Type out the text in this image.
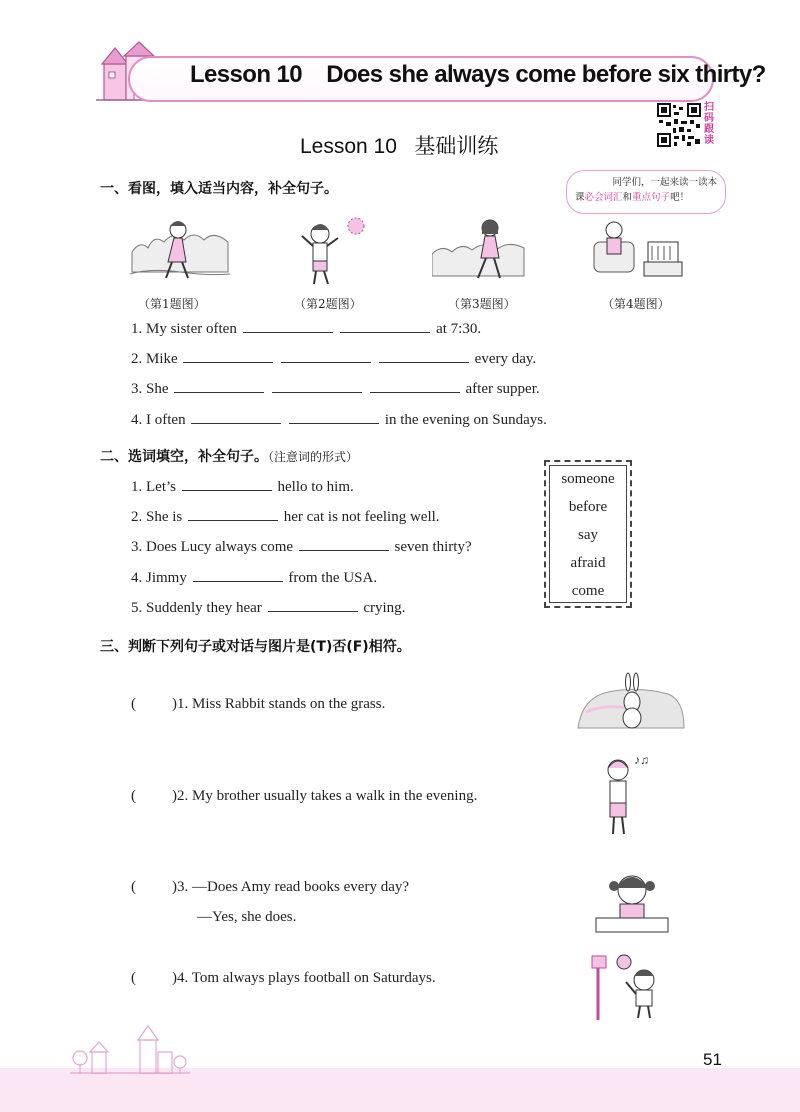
Lesson 10    Does she always come before six thirty?
扫
码
跟
读
Lesson 10   基础训练
一、看图，填入适当内容，补全句子。	同学们，一起来读一读本
课必会词汇和重点句子吧！
（第1题图）	（第2题图）	（第3题图）	（第4题图）
1. My sister often	at 7:30.
2. Mike	every day.
3. She	after supper.
4. I often	in the evening on Sundays.
二、选词填空，补全句子。（注意词的形式）
1. Let’s	hello to him.
2. She is	her cat is not feeling well.
3. Does Lucy always come	seven thirty?
4. Jimmy	from the USA.
5. Suddenly they hear	crying.
someone
before
say
afraid
come
三、判断下列句子或对话与图片是(T)否(F)相符。
( )1. Miss Rabbit stands on the grass.
( )2. My brother usually takes a walk in the evening.
( )3. —Does Amy read books every day?
—Yes, she does.
( )4. Tom always plays football on Saturdays.
♪♫
51
